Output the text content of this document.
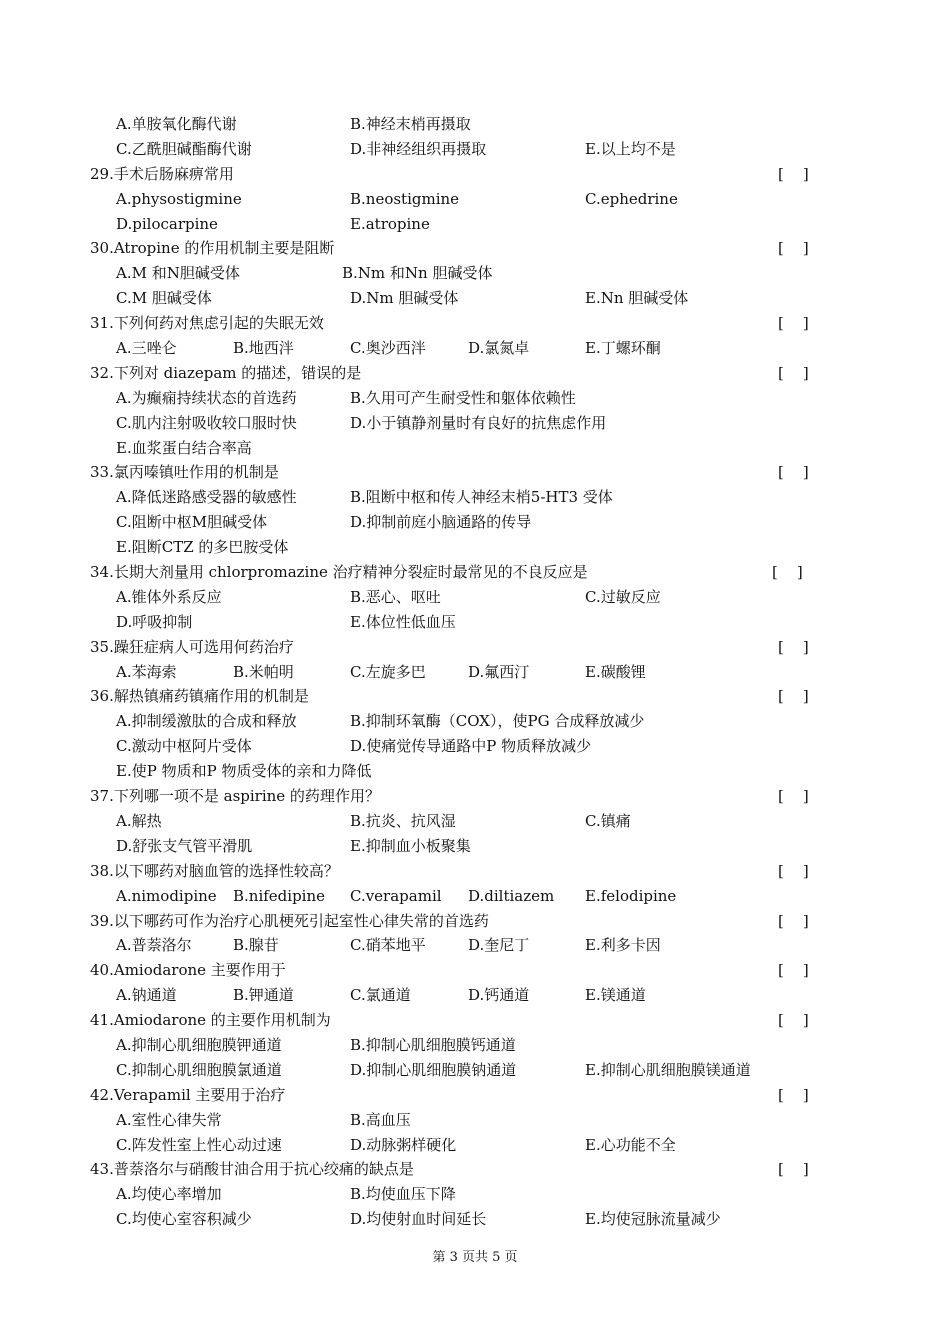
A.单胺氧化酶代谢	B.神经末梢再摄取
C.乙酰胆碱酯酶代谢	D.非神经组织再摄取	E.以上均不是
29.手术后肠麻痹常用	[    ]
A.physostigmine	B.neostigmine	C.ephedrine
D.pilocarpine	E.atropine
30.Atropine 的作用机制主要是阻断	[    ]
A.M 和N胆碱受体	B.Nm 和Nn 胆碱受体
C.M 胆碱受体	D.Nm 胆碱受体	E.Nn 胆碱受体
31.下列何药对焦虑引起的失眠无效	[    ]
A.三唑仑	B.地西泮	C.奥沙西泮	D.氯氮卓	E.丁螺环酮
32.下列对 diazepam 的描述，错误的是	[    ]
A.为癫痫持续状态的首选药	B.久用可产生耐受性和躯体依赖性
C.肌内注射吸收较口服时快	D.小于镇静剂量时有良好的抗焦虑作用
E.血浆蛋白结合率高
33.氯丙嗪镇吐作用的机制是	[    ]
A.降低迷路感受器的敏感性	B.阻断中枢和传人神经末梢5-HT3 受体
C.阻断中枢M胆碱受体	D.抑制前庭小脑通路的传导
E.阻断CTZ 的多巴胺受体
34.长期大剂量用 chlorpromazine 治疗精神分裂症时最常见的不良反应是	[    ]
A.锥体外系反应	B.恶心、呕吐	C.过敏反应
D.呼吸抑制	E.体位性低血压
35.躁狂症病人可选用何药治疗	[    ]
A.苯海索	B.米帕明	C.左旋多巴	D.氟西汀	E.碳酸锂
36.解热镇痛药镇痛作用的机制是	[    ]
A.抑制缓激肽的合成和释放	B.抑制环氧酶（COX），使PG 合成释放减少
C.激动中枢阿片受体	D.使痛觉传导通路中P 物质释放减少
E.使P 物质和P 物质受体的亲和力降低
37.下列哪一项不是 aspirine 的药理作用？	[    ]
A.解热	B.抗炎、抗风湿	C.镇痛
D.舒张支气管平滑肌	E.抑制血小板聚集
38.以下哪药对脑血管的选择性较高？	[    ]
A.nimodipine B.nifedipine C.verapamil D.diltiazem E.felodipine
39.以下哪药可作为治疗心肌梗死引起室性心律失常的首选药	[    ]
A.普萘洛尔	B.腺苷	C.硝苯地平	D.奎尼丁	E.利多卡因
40.Amiodarone 主要作用于	[    ]
A.钠通道	B.钾通道	C.氯通道	D.钙通道	E.镁通道
41.Amiodarone 的主要作用机制为	[    ]
A.抑制心肌细胞膜钾通道	B.抑制心肌细胞膜钙通道
C.抑制心肌细胞膜氯通道	D.抑制心肌细胞膜钠通道	E.抑制心肌细胞膜镁通道
42.Verapamil 主要用于治疗	[    ]
A.室性心律失常	B.高血压
C.阵发性室上性心动过速	D.动脉粥样硬化	E.心功能不全
43.普萘洛尔与硝酸甘油合用于抗心绞痛的缺点是	[    ]
A.均使心率增加	B.均使血压下降
C.均使心室容积减少	D.均使射血时间延长	E.均使冠脉流量减少
第 3 页共 5 页
